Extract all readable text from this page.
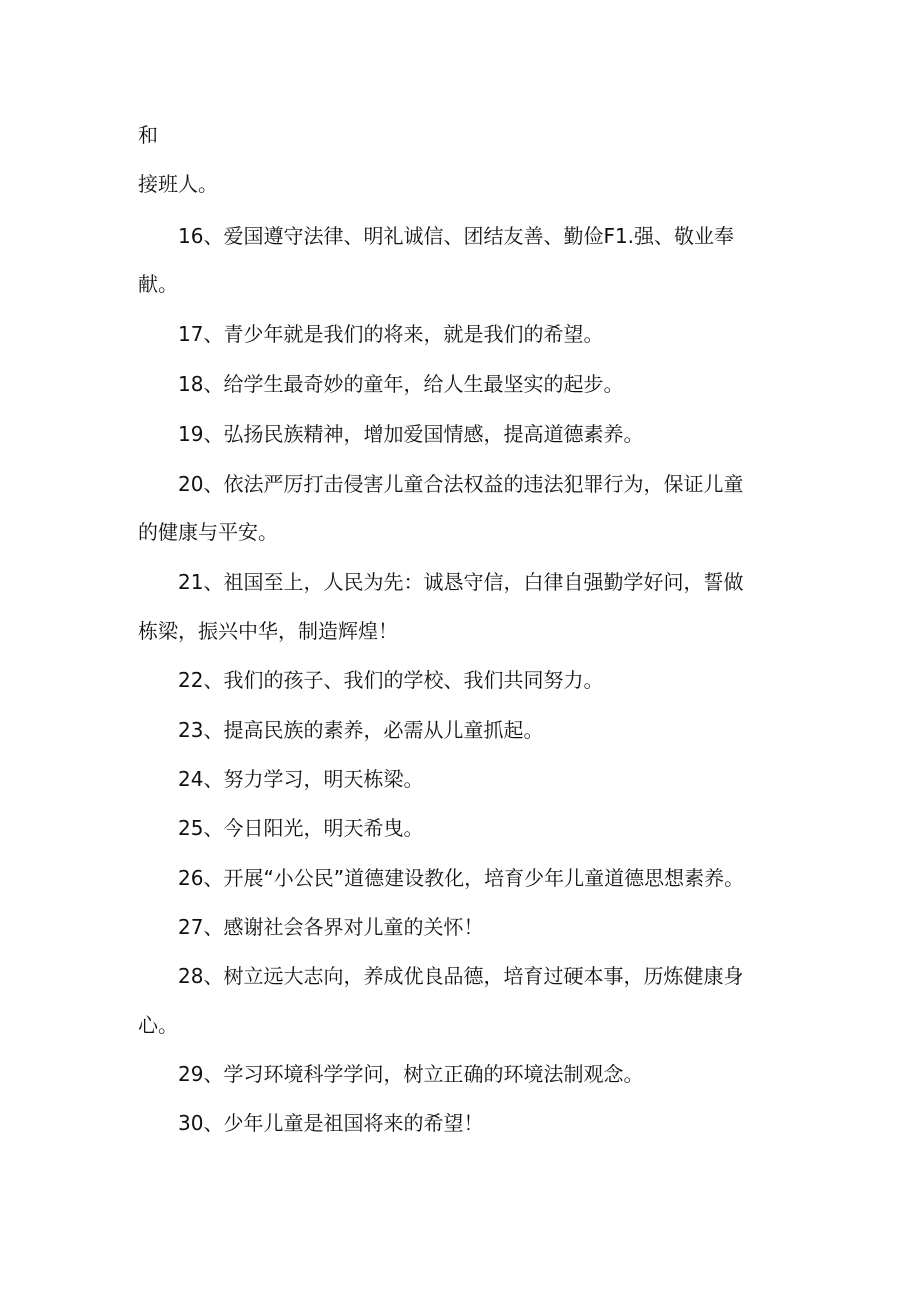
和
接班人。
16、爱国遵守法律、明礼诚信、团结友善、勤俭F1.强、敬业奉
献。
17、青少年就是我们的将来，就是我们的希望。
18、给学生最奇妙的童年，给人生最坚实的起步。
19、弘扬民族精神，增加爱国情感，提高道德素养。
20、依法严厉打击侵害儿童合法权益的违法犯罪行为，保证儿童
的健康与平安。
21、祖国至上，人民为先：诚恳守信，白律自强勤学好问，誓做
栋梁，振兴中华，制造辉煌！
22、我们的孩子、我们的学校、我们共同努力。
23、提高民族的素养，必需从儿童抓起。
24、努力学习，明天栋梁。
25、今日阳光，明天希曳。
26、开展“小公民”道德建设教化，培育少年儿童道德思想素养。
27、感谢社会各界对儿童的关怀！
28、树立远大志向，养成优良品德，培育过硬本事，历炼健康身
心。
29、学习环境科学学问，树立正确的环境法制观念。
30、少年儿童是祖国将来的希望！
